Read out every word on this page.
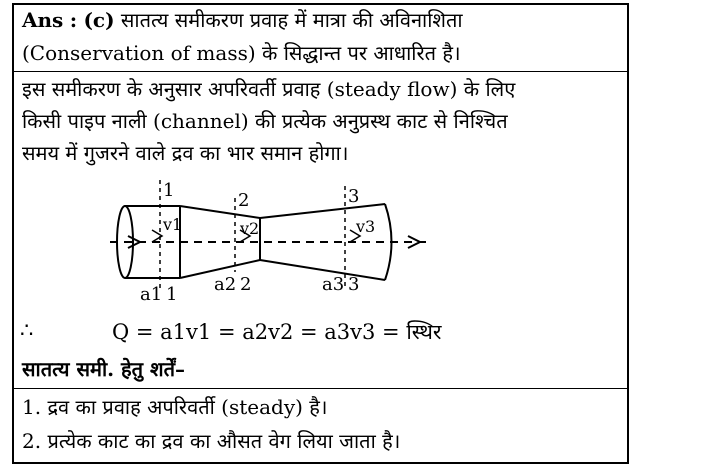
Ans : (c) सातत्य समीकरण प्रवाह में मात्रा की अविनाशिता
(Conservation of mass) के सिद्धान्त पर आधारित है।
इस समीकरण के अनुसार अपरिवर्ती प्रवाह (steady flow) के लिए
किसी पाइप नाली (channel) की प्रत्येक अनुप्रस्थ काट से निश्चित
समय में गुजरने वाले द्रव का भार समान होगा।
1	2	3
v1	v2	v3
a1 1 a2 2	a3 3
∴	Q = a1v1 = a2v2 = a3v3 = स्थिर
सातत्य समी. हेतु शर्तें–
1. द्रव का प्रवाह अपरिवर्ती (steady) है।
2. प्रत्येक काट का द्रव का औसत वेग लिया जाता है।
